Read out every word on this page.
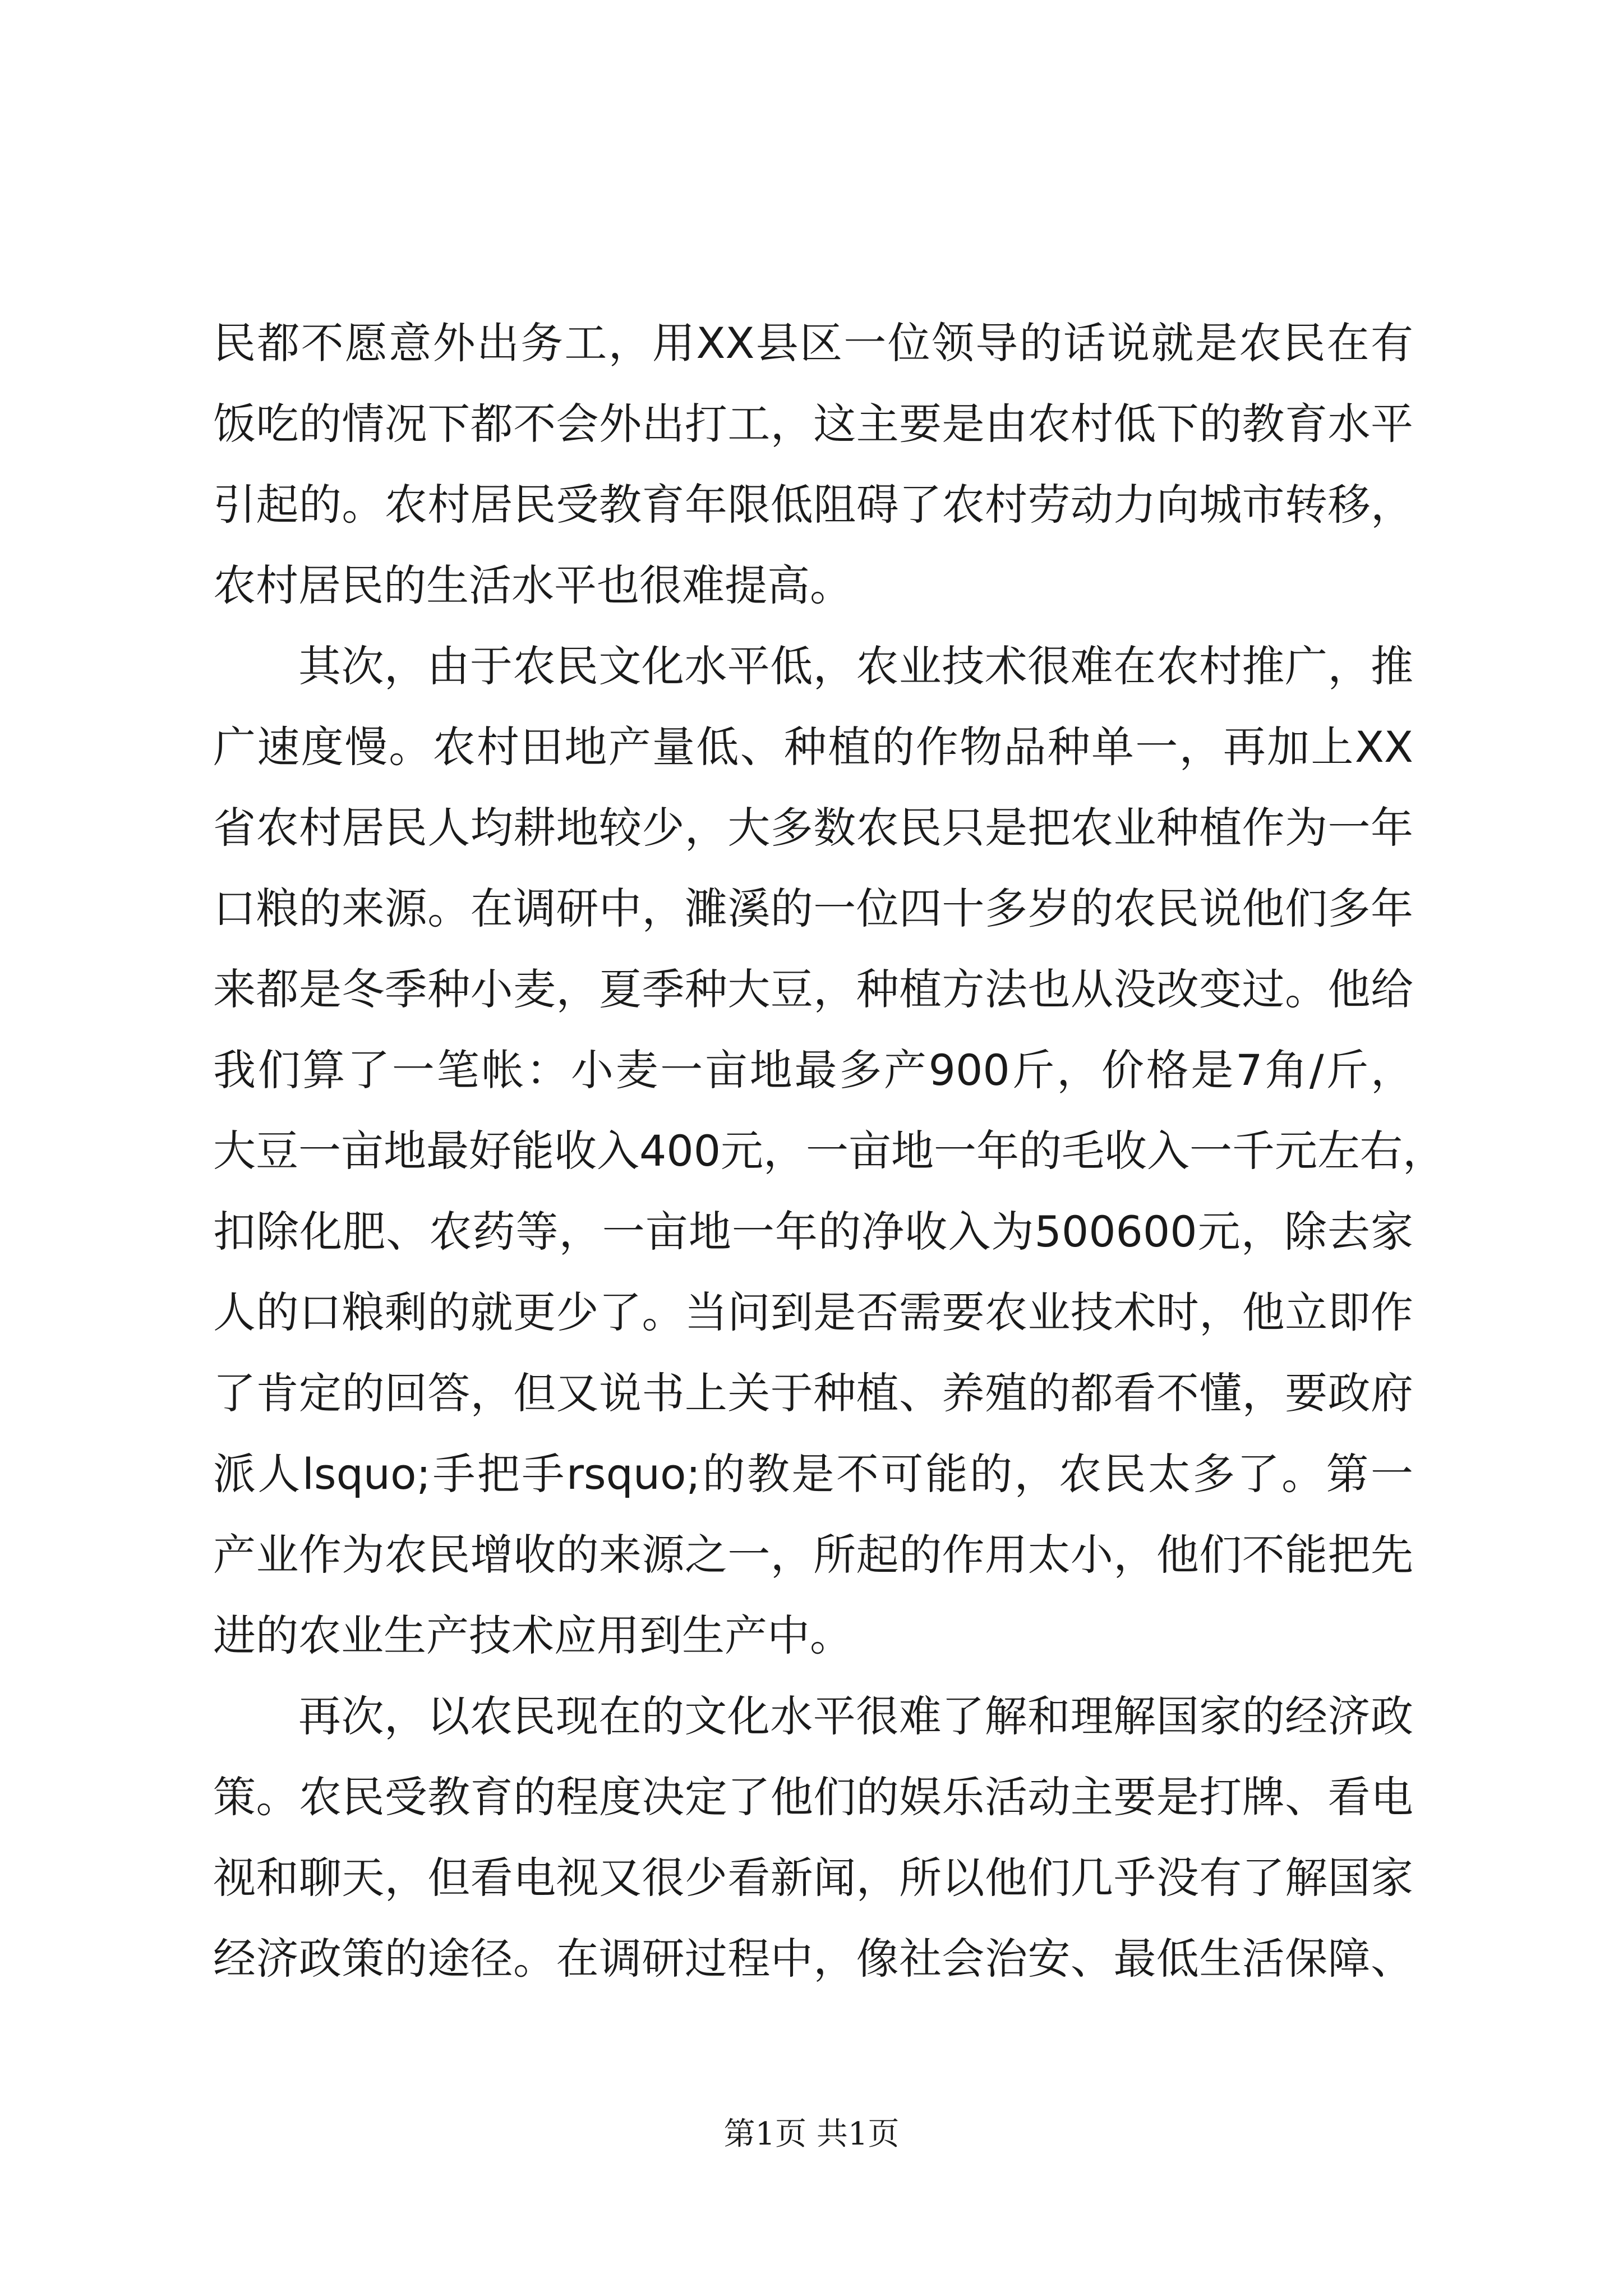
民都不愿意外出务工，用XX县区一位领导的话说就是农民在有
饭吃的情况下都不会外出打工，这主要是由农村低下的教育水平
引起的。农村居民受教育年限低阻碍了农村劳动力向城市转移，
农村居民的生活水平也很难提高。
其次，由于农民文化水平低，农业技术很难在农村推广，推
广速度慢。农村田地产量低、种植的作物品种单一，再加上XX
省农村居民人均耕地较少，大多数农民只是把农业种植作为一年
口粮的来源。在调研中，濉溪的一位四十多岁的农民说他们多年
来都是冬季种小麦，夏季种大豆，种植方法也从没改变过。他给
我们算了一笔帐：小麦一亩地最多产900斤，价格是7角/斤，
大豆一亩地最好能收入400元，一亩地一年的毛收入一千元左右，
扣除化肥、农药等，一亩地一年的净收入为500600元，除去家
人的口粮剩的就更少了。当问到是否需要农业技术时，他立即作
了肯定的回答，但又说书上关于种植、养殖的都看不懂，要政府
派人lsquo;手把手rsquo;的教是不可能的，农民太多了。第一
产业作为农民增收的来源之一，所起的作用太小，他们不能把先
进的农业生产技术应用到生产中。
再次，以农民现在的文化水平很难了解和理解国家的经济政
策。农民受教育的程度决定了他们的娱乐活动主要是打牌、看电
视和聊天，但看电视又很少看新闻，所以他们几乎没有了解国家
经济政策的途径。在调研过程中，像社会治安、最低生活保障、
第1页 共1页
